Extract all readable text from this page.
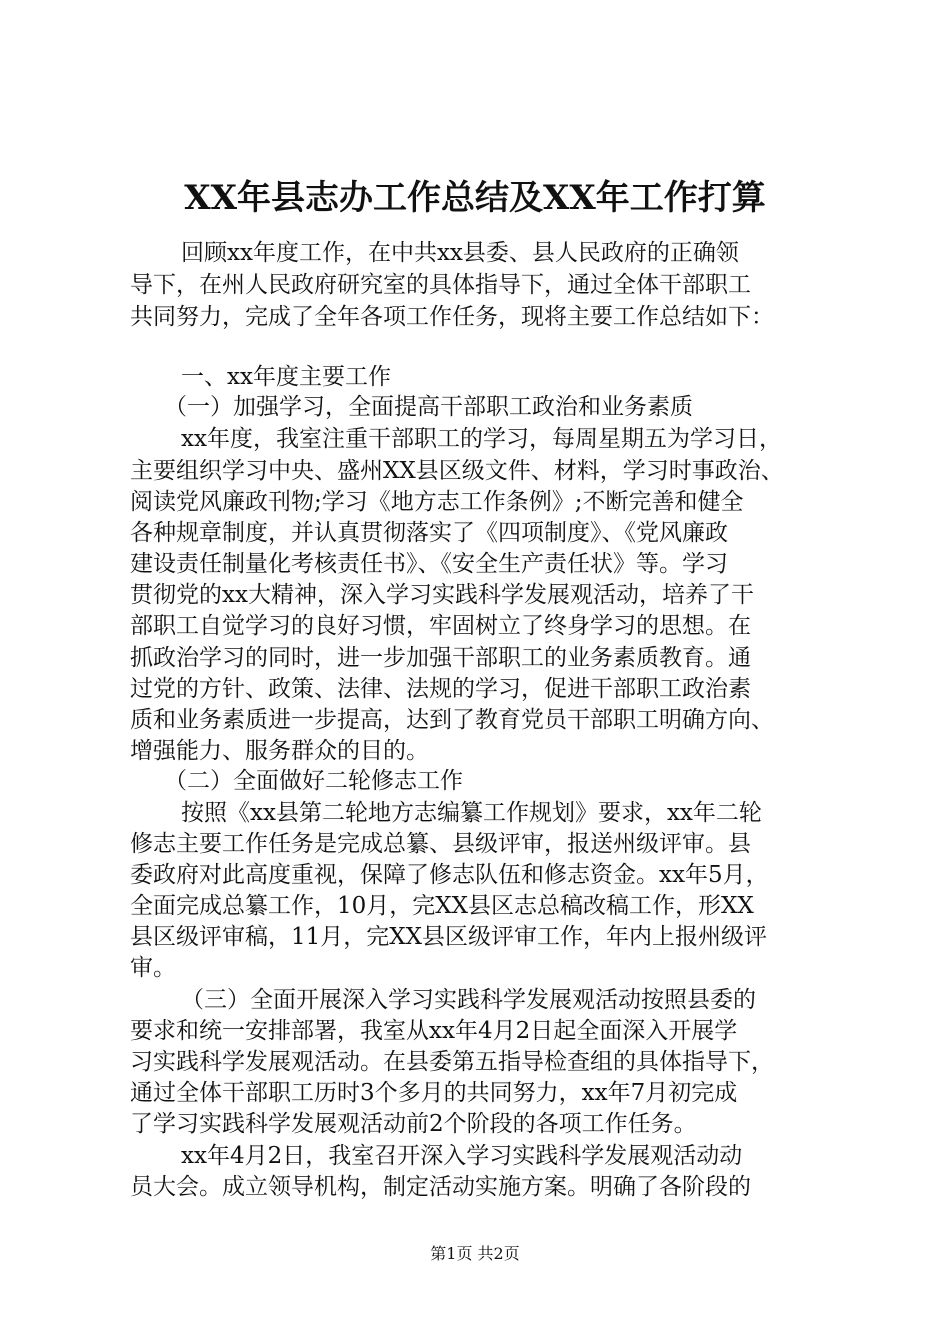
XX年县志办工作总结及XX年工作打算
回顾xx年度工作，在中共xx县委、县人民政府的正确领
导下，在州人民政府研究室的具体指导下，通过全体干部职工
共同努力，完成了全年各项工作任务，现将主要工作总结如下：
一、xx年度主要工作
（一）加强学习，全面提高干部职工政治和业务素质
xx年度，我室注重干部职工的学习，每周星期五为学习日，
主要组织学习中央、盛州XX县区级文件、材料，学习时事政治、
阅读党风廉政刊物;学习《地方志工作条例》;不断完善和健全
各种规章制度，并认真贯彻落实了《四项制度》、《党风廉政
建设责任制量化考核责任书》、《安全生产责任状》等。学习
贯彻党的xx大精神，深入学习实践科学发展观活动，培养了干
部职工自觉学习的良好习惯，牢固树立了终身学习的思想。在
抓政治学习的同时，进一步加强干部职工的业务素质教育。通
过党的方针、政策、法律、法规的学习，促进干部职工政治素
质和业务素质进一步提高，达到了教育党员干部职工明确方向、
增强能力、服务群众的目的。
（二）全面做好二轮修志工作
按照《xx县第二轮地方志编纂工作规划》要求，xx年二轮
修志主要工作任务是完成总纂、县级评审，报送州级评审。县
委政府对此高度重视，保障了修志队伍和修志资金。xx年5月，
全面完成总纂工作，10月，完XX县区志总稿改稿工作，形XX
县区级评审稿，11月，完XX县区级评审工作，年内上报州级评
审。
（三）全面开展深入学习实践科学发展观活动按照县委的
要求和统一安排部署，我室从xx年4月2日起全面深入开展学
习实践科学发展观活动。在县委第五指导检查组的具体指导下，
通过全体干部职工历时3个多月的共同努力，xx年7月初完成
了学习实践科学发展观活动前2个阶段的各项工作任务。
xx年4月2日，我室召开深入学习实践科学发展观活动动
员大会。成立领导机构，制定活动实施方案。明确了各阶段的
第1页 共2页
